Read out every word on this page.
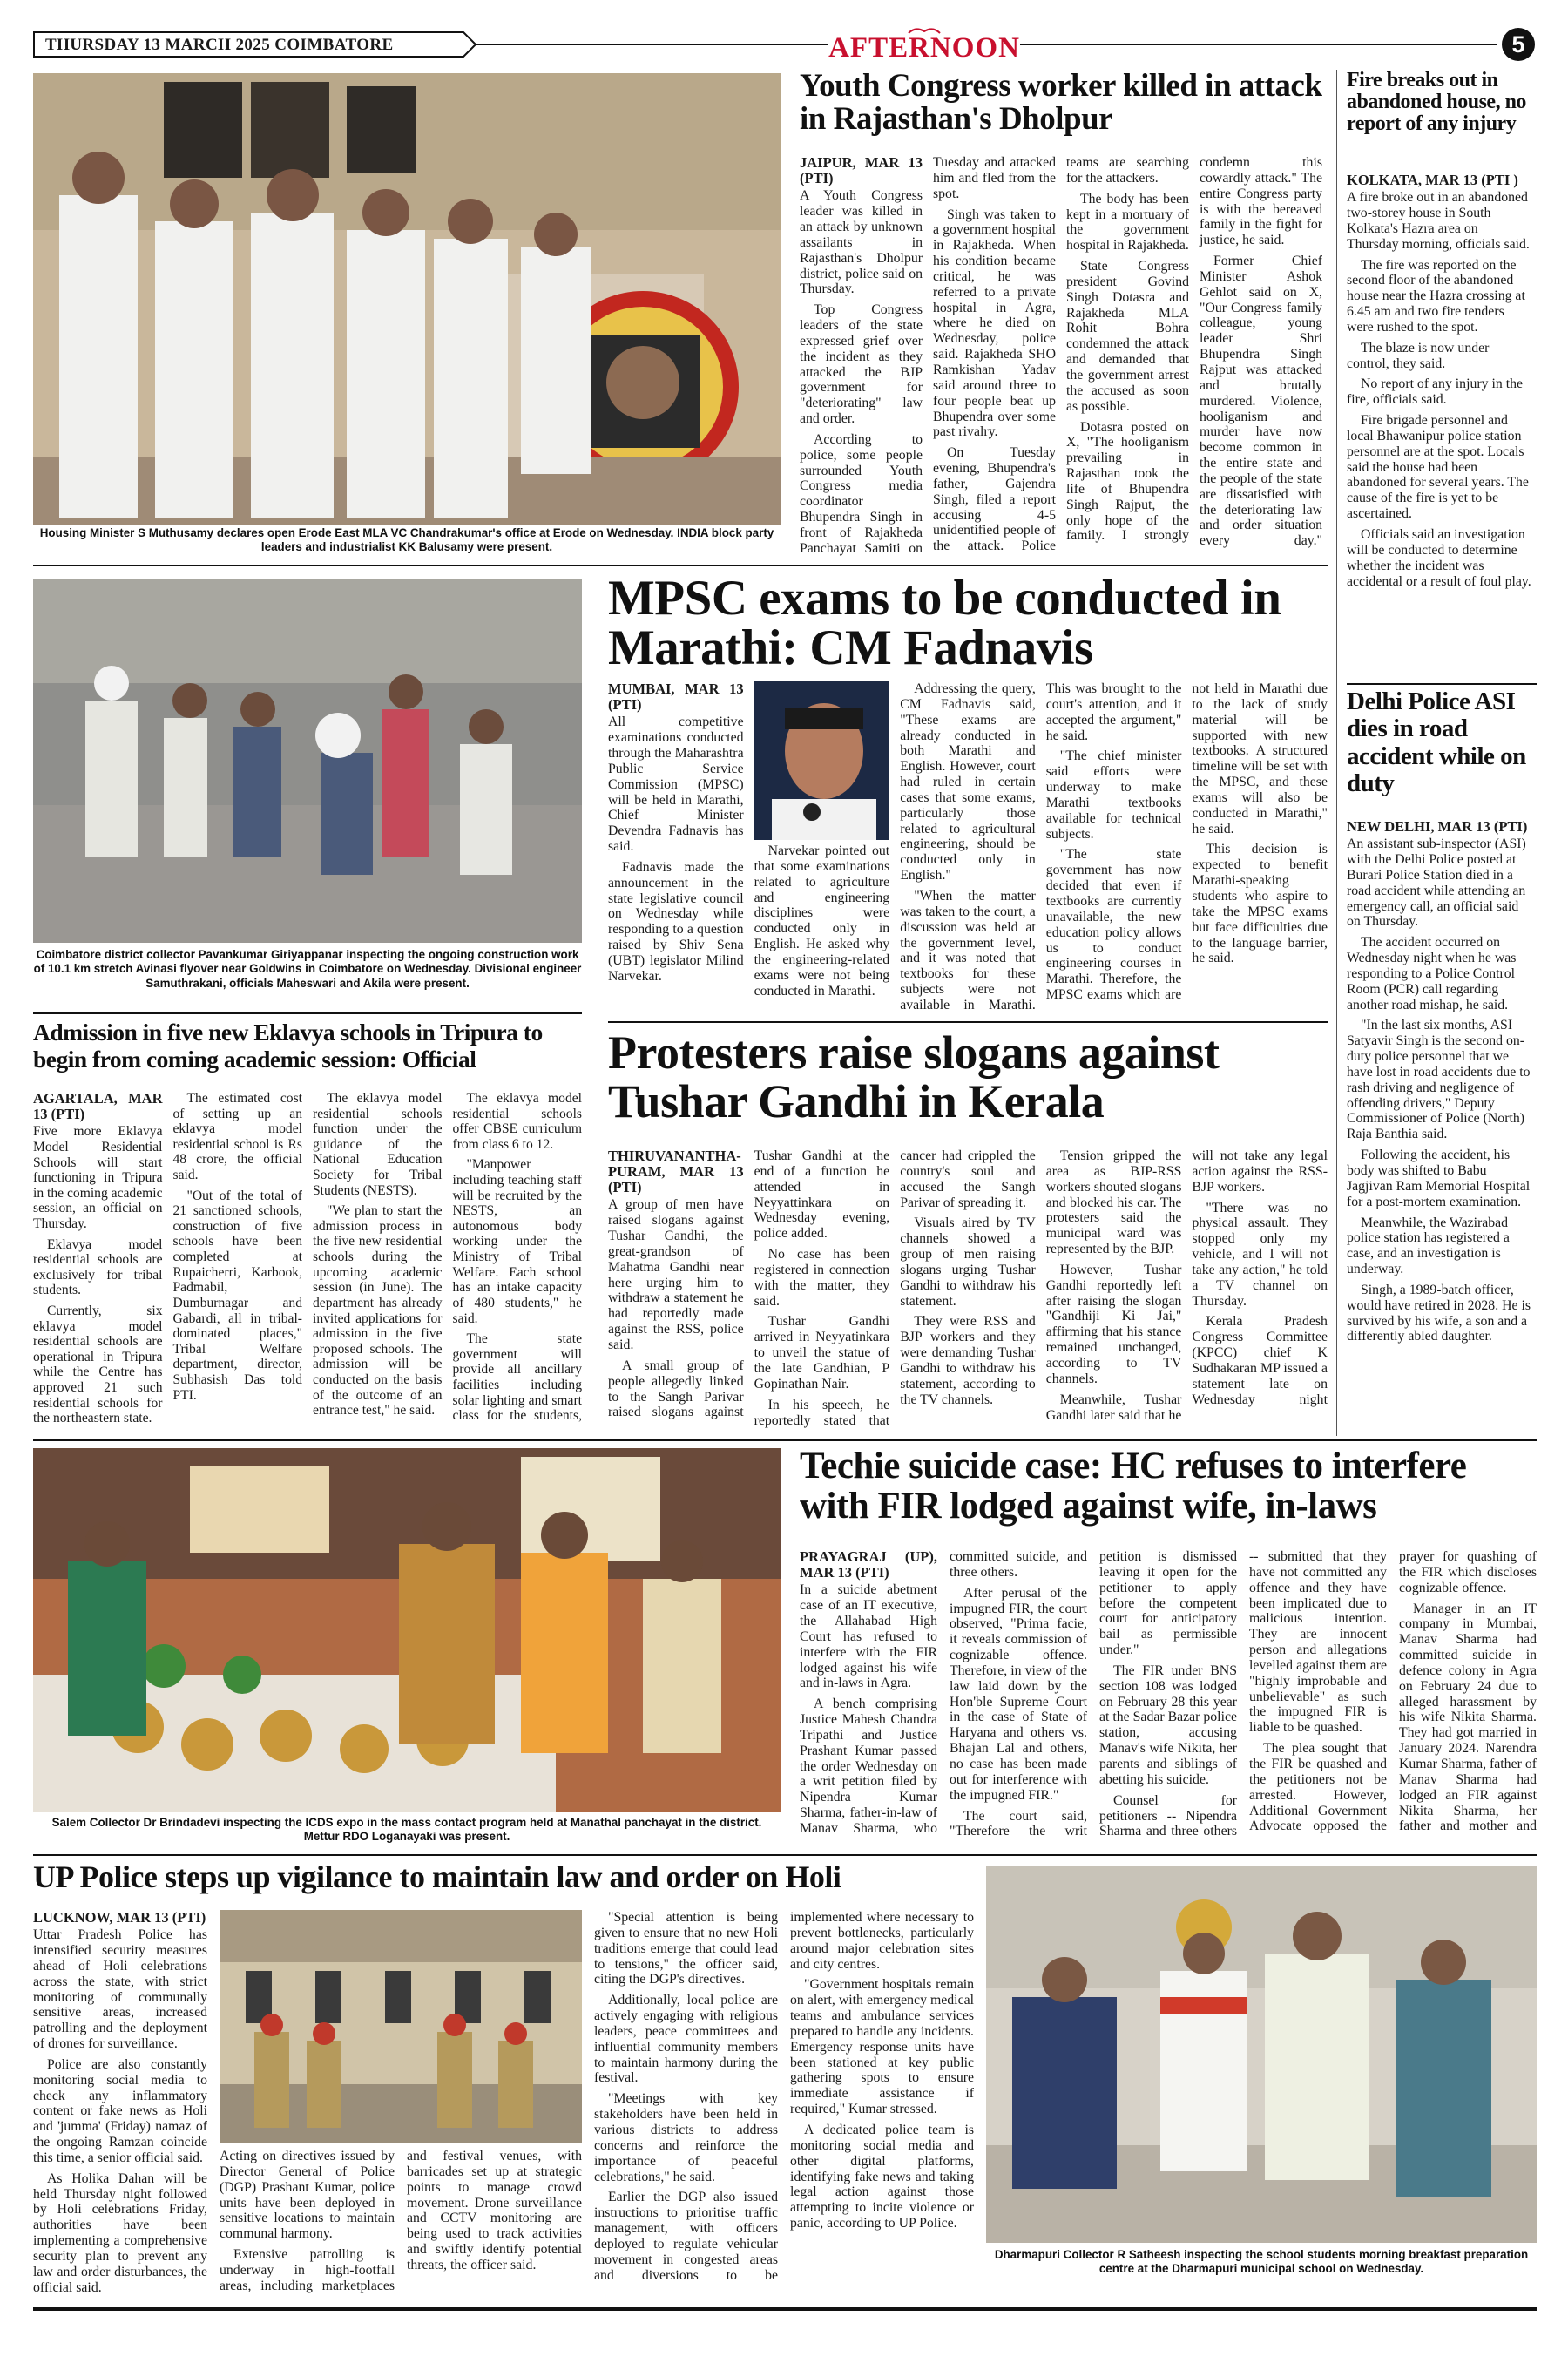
THURSDAY 13 MARCH 2025 COIMBATORE	AFTERNOON	5
Housing Minister S Muthusamy declares open Erode East MLA VC Chandrakumar's office at Erode on Wednesday. INDIA block party leaders and industrialist KK Balusamy were present.
Youth Congress worker killed in attack in Rajasthan's Dholpur
JAIPUR, MAR 13 (PTI)

A Youth Congress leader was killed in an attack by unknown assailants in Rajasthan's Dholpur district, police said on Thursday.

Top Congress leaders of the state expressed grief over the incident as they attacked the BJP government for "deteriorating" law and order.

According to police, some people surrounded Youth Congress media coordinator Bhupendra Singh in front of Rajakheda Panchayat Samiti on Tuesday and attacked him and fled from the spot.

Singh was taken to a government hospital in Rajakheda. When his condition became critical, he was referred to a private hospital in Agra, where he died on Wednesday, police said. Rajakheda SHO Ramkishan Yadav said around three to four people beat up Bhupendra over some past rivalry.

On Tuesday evening, Bhupendra's father, Gajendra Singh, filed a report accusing 4-5 unidentified people of the attack. Police teams are searching for the attackers.

The body has been kept in a mortuary of the government hospital in Rajakheda.

State Congress president Govind Singh Dotasra and Rajakheda MLA Rohit Bohra condemned the attack and demanded that the government arrest the accused as soon as possible.

Dotasra posted on X, "The hooliganism prevailing in Rajasthan took the life of Bhupendra Singh Rajput, the only hope of the family. I strongly condemn this cowardly attack." The entire Congress party is with the bereaved family in the fight for justice, he said.

Former Chief Minister Ashok Gehlot said on X, "Our Congress family colleague, young leader Shri Bhupendra Singh Rajput was attacked and brutally murdered. Violence, hooliganism and murder have now become common in the entire state and the people of the state are dissatisfied with the deteriorating law and order situation every day."

Fire breaks out in abandoned house, no report of any injury
KOLKATA, MAR 13 (PTI )

A fire broke out in an abandoned two-storey house in South Kolkata's Hazra area on Thursday morning, officials said.

The fire was reported on the second floor of the abandoned house near the Hazra crossing at 6.45 am and two fire tenders were rushed to the spot.

The blaze is now under control, they said.

No report of any injury in the fire, officials said.

Fire brigade personnel and local Bhawanipur police station personnel are at the spot. Locals said the house had been abandoned for several years. The cause of the fire is yet to be ascertained.

Officials said an investigation will be conducted to determine whether the incident was accidental or a result of foul play.

Delhi Police ASI dies in road accident while on duty
NEW DELHI, MAR 13 (PTI)

An assistant sub-inspector (ASI) with the Delhi Police posted at Burari Police Station died in a road accident while attending an emergency call, an official said on Thursday.

The accident occurred on Wednesday night when he was responding to a Police Control Room (PCR) call regarding another road mishap, he said.

"In the last six months, ASI Satyavir Singh is the second on-duty police personnel that we have lost in road accidents due to rash driving and negligence of offending drivers," Deputy Commissioner of Police (North) Raja Banthia said.

Following the accident, his body was shifted to Babu Jagjivan Ram Memorial Hospital for a post-mortem examination.

Meanwhile, the Wazirabad police station has registered a case, and an investigation is underway.

Singh, a 1989-batch officer, would have retired in 2028. He is survived by his wife, a son and a differently abled daughter.

Coimbatore district collector Pavankumar Giriyappanar inspecting the ongoing construction work of 10.1 km stretch Avinasi flyover near Goldwins in Coimbatore on Wednesday. Divisional engineer Samuthrakani, officials Maheswari and Akila were present.
MPSC exams to be conducted in Marathi: CM Fadnavis
MUMBAI, MAR 13 (PTI)

All competitive examinations conducted through the Maharashtra Public Service Commission (MPSC) will be held in Marathi, Chief Minister Devendra Fadnavis has said.

Fadnavis made the announcement in the state legislative council on Wednesday while responding to a question raised by Shiv Sena (UBT) legislator Milind Narvekar.

Narvekar pointed out that some examinations related to agriculture and engineering disciplines were conducted only in English. He asked why the engineering-related exams were not being conducted in Marathi.

Addressing the query, CM Fadnavis said, "These exams are already conducted in both Marathi and English. However, court had ruled in certain cases that some exams, particularly those related to agricultural engineering, should be conducted only in English."

"When the matter was taken to the court, a discussion was held at the government level, and it was noted that textbooks for these subjects were not available in Marathi. This was brought to the court's attention, and it accepted the argument," he said.

"The chief minister said efforts were underway to make Marathi textbooks available for technical subjects.

"The state government has now decided that even if textbooks are currently unavailable, the new education policy allows us to conduct engineering courses in Marathi. Therefore, the MPSC exams which are not held in Marathi due to the lack of study material will be supported with new textbooks. A structured timeline will be set with the MPSC, and these exams will also be conducted in Marathi," he said.

This decision is expected to benefit Marathi-speaking students who aspire to take the MPSC exams but face difficulties due to the language barrier, he said.

Admission in five new Eklavya schools in Tripura to begin from coming academic session: Official
AGARTALA, MAR 13 (PTI)

Five more Eklavya Model Residential Schools will start functioning in Tripura in the coming academic session, an official on Thursday.

Eklavya model residential schools are exclusively for tribal students.

Currently, six eklavya model residential schools are operational in Tripura while the Centre has approved 21 such residential schools for the northeastern state.

The estimated cost of setting up an eklavya model residential school is Rs 48 crore, the official said.

"Out of the total of 21 sanctioned schools, construction of five schools have been completed at Rupaicherri, Karbook, Padmabil, Dumburnagar and Gabardi, all in tribal-dominated places," Tribal Welfare department, director, Subhasish Das told PTI.

The eklavya model residential schools function under the guidance of the National Education Society for Tribal Students (NESTS).

"We plan to start the admission process in the five new residential schools during the upcoming academic session (in June). The department has already invited applications for admission in the five proposed schools. The admission will be conducted on the basis of the outcome of an entrance test," he said.

The eklavya model residential schools offer CBSE curriculum from class 6 to 12.

"Manpower including teaching staff will be recruited by the NESTS, an autonomous body working under the Ministry of Tribal Welfare. Each school has an intake capacity of 480 students," he said.

The state government will provide all ancillary facilities including solar lighting and smart class for the students,

Protesters raise slogans against Tushar Gandhi in Kerala
THIRUVANANTHA-PURAM, MAR 13 (PTI)

A group of men have raised slogans against Tushar Gandhi, the great-grandson of Mahatma Gandhi near here urging him to withdraw a statement he had reportedly made against the RSS, police said.

A small group of people allegedly linked to the Sangh Parivar raised slogans against Tushar Gandhi at the end of a function he attended in Neyyattinkara on Wednesday evening, police added.

No case has been registered in connection with the matter, they said.

Tushar Gandhi arrived in Neyyatinkara to unveil the statue of the late Gandhian, P Gopinathan Nair.

In his speech, he reportedly stated that cancer had crippled the country's soul and accused the Sangh Parivar of spreading it.

Visuals aired by TV channels showed a group of men raising slogans urging Tushar Gandhi to withdraw his statement.

They were RSS and BJP workers and they were demanding Tushar Gandhi to withdraw his statement, according to the TV channels.

Tension gripped the area as BJP-RSS workers shouted slogans and blocked his car. The protesters said the municipal ward was represented by the BJP.

However, Tushar Gandhi reportedly left after raising the slogan "Gandhiji Ki Jai," affirming that his stance remained unchanged, according to TV channels.

Meanwhile, Tushar Gandhi later said that he will not take any legal action against the RSS-BJP workers.

"There was no physical assault. They stopped only my vehicle, and I will not take any action," he told a TV channel on Thursday.

Kerala Pradesh Congress Committee (KPCC) chief K Sudhakaran MP issued a statement late on Wednesday night

Salem Collector Dr Brindadevi inspecting the ICDS expo in the mass contact program held at Manathal panchayat in the district. Mettur RDO Loganayaki was present.
Techie suicide case: HC refuses to interfere with FIR lodged against wife, in-laws
PRAYAGRAJ (UP), MAR 13 (PTI)

In a suicide abetment case of an IT executive, the Allahabad High Court has refused to interfere with the FIR lodged against his wife and in-laws in Agra.

A bench comprising Justice Mahesh Chandra Tripathi and Justice Prashant Kumar passed the order Wednesday on a writ petition filed by Nipendra Kumar Sharma, father-in-law of Manav Sharma, who committed suicide, and three others.

After perusal of the impugned FIR, the court observed, "Prima facie, it reveals commission of cognizable offence. Therefore, in view of the law laid down by the Hon'ble Supreme Court in the case of State of Haryana and others vs. Bhajan Lal and others, no case has been made out for interference with the impugned FIR."

The court said, "Therefore the writ petition is dismissed leaving it open for the petitioner to apply before the competent court for anticipatory bail as permissible under."

The FIR under BNS section 108 was lodged on February 28 this year at the Sadar Bazar police station, accusing Manav's wife Nikita, her parents and siblings of abetting his suicide.

Counsel for petitioners -- Nipendra Sharma and three others -- submitted that they have not committed any offence and they have been implicated due to malicious intention. They are innocent person and allegations levelled against them are "highly improbable and unbelievable" as such the impugned FIR is liable to be quashed.

The plea sought that the FIR be quashed and the petitioners not be arrested. However, Additional Government Advocate opposed the prayer for quashing of the FIR which discloses cognizable offence.

Manager in an IT company in Mumbai, Manav Sharma had committed suicide in defence colony in Agra on February 24 due to alleged harassment by his wife Nikita Sharma. They had got married in January 2024. Narendra Kumar Sharma, father of Manav Sharma had lodged an FIR against Nikita Sharma, her father and mother and

UP Police steps up vigilance to maintain law and order on Holi
LUCKNOW, MAR 13 (PTI)

Uttar Pradesh Police has intensified security measures ahead of Holi celebrations across the state, with strict monitoring of communally sensitive areas, increased patrolling and the deployment of drones for surveillance.

Police are also constantly monitoring social media to check any inflammatory content or fake news as Holi and 'jumma' (Friday) namaz of the ongoing Ramzan coincide this time, a senior official said.

As Holika Dahan will be held Thursday night followed by Holi celebrations Friday, authorities have been implementing a comprehensive security plan to prevent any law and order disturbances, the official said.

Acting on directives issued by Director General of Police (DGP) Prashant Kumar, police units have been deployed in sensitive locations to maintain communal harmony.

Extensive patrolling is underway in high-footfall areas, including marketplaces and festival venues, with barricades set up at strategic points to manage crowd movement. Drone surveillance and CCTV monitoring are being used to track activities and swiftly identify potential threats, the officer said.

"Special attention is being given to ensure that no new Holi traditions emerge that could lead to tensions," the officer said, citing the DGP's directives.

Additionally, local police are actively engaging with religious leaders, peace committees and influential community members to maintain harmony during the festival.

"Meetings with key stakeholders have been held in various districts to address concerns and reinforce the importance of peaceful celebrations," he said.

Earlier the DGP also issued instructions to prioritise traffic management, with officers deployed to regulate vehicular movement in congested areas and diversions to be implemented where necessary to prevent bottlenecks, particularly around major celebration sites and city centres.

"Government hospitals remain on alert, with emergency medical teams and ambulance services prepared to handle any incidents. Emergency response units have been stationed at key public gathering spots to ensure immediate assistance if required," Kumar stressed.

A dedicated police team is monitoring social media and other digital platforms, identifying fake news and taking legal action against those attempting to incite violence or panic, according to UP Police.

Dharmapuri Collector R Satheesh inspecting the school students morning breakfast preparation centre at the Dharmapuri municipal school on Wednesday.
